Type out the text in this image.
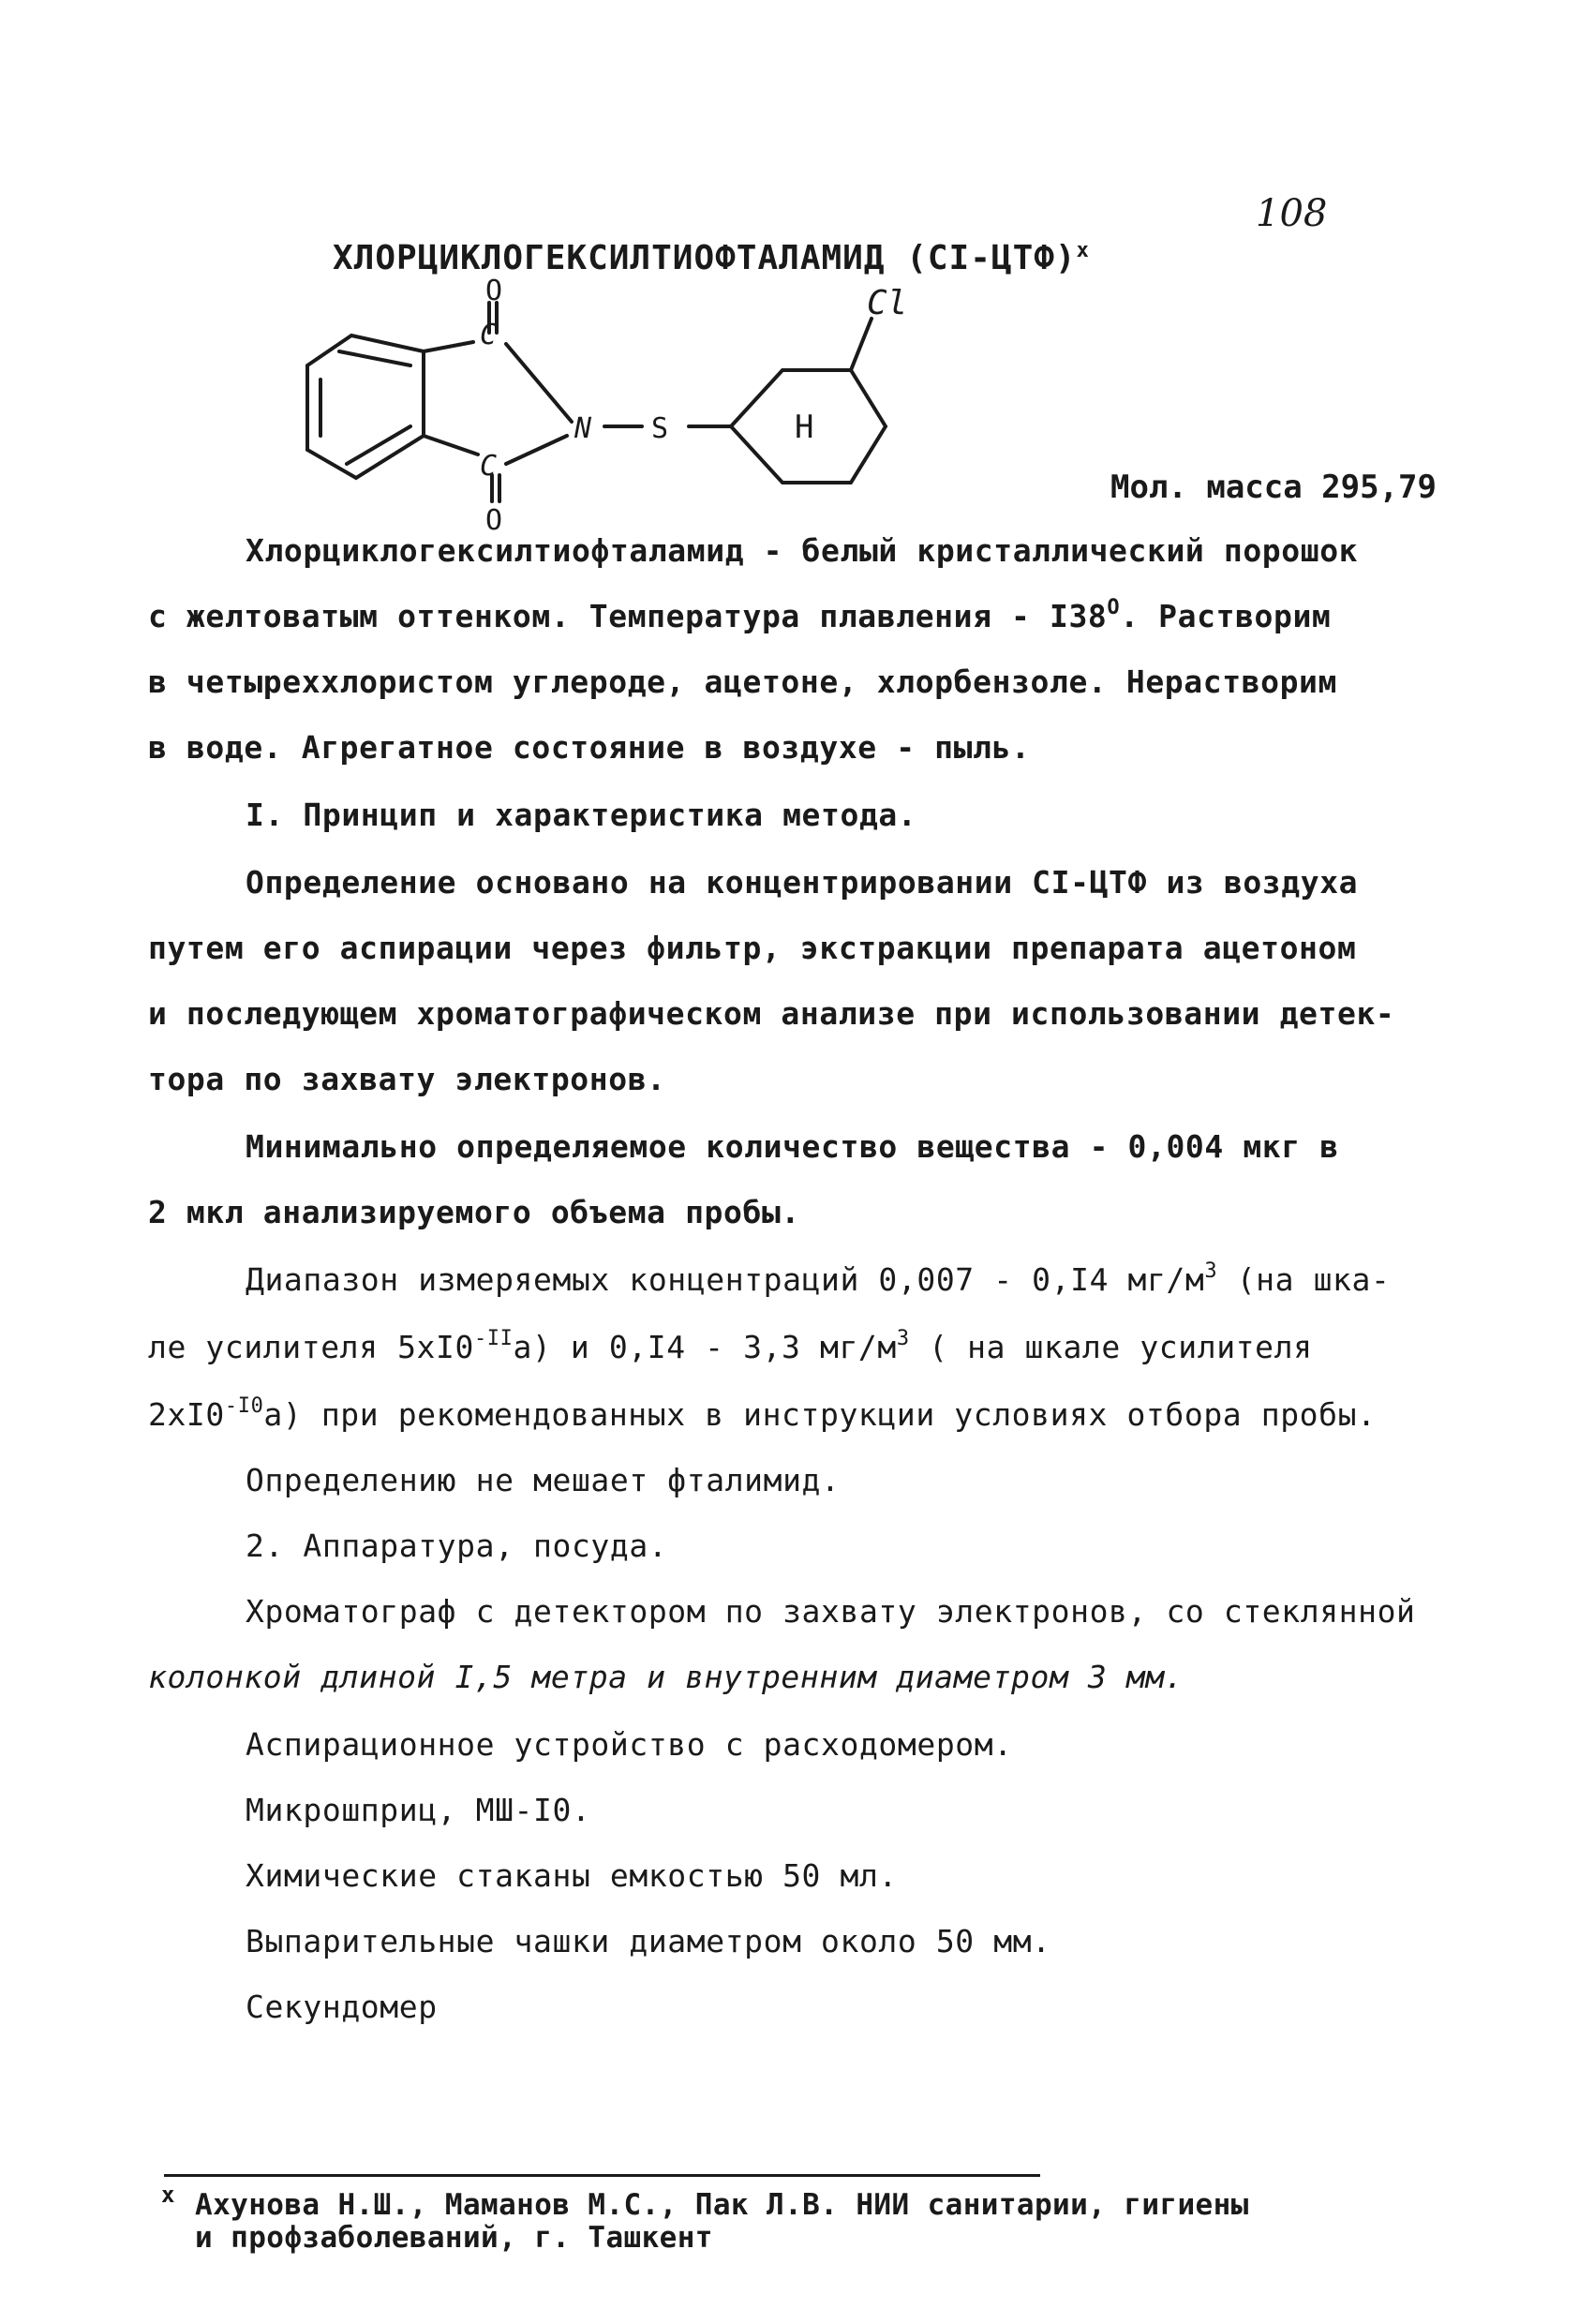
108
ХЛОРЦИКЛОГЕКСИЛТИОФТАЛАМИД $(CI-ЦТФ)^x$
O
C
C
O
N S	H
Cl
Мол. масса 295,79
Хлорциклогексилтиофталамид - белый кристаллический порошок
с желтоватым оттенком. Температура плавления - $I38^O$. Растворим
в четыреххлористом углероде, ацетоне, хлорбензоле. Нерастворим
в воде. Агрегатное состояние в воздухе - пыль.
I. Принцип и характеристика метода.
Определение основано на концентрировании CI-ЦТФ из воздуха
путем его аспирации через фильтр, экстракции препарата ацетоном
и последующем хроматографическом анализе при использовании детек-
тора по захвату электронов.
Минимально определяемое количество вещества - 0,004 мкг в
2 мкл анализируемого объема пробы.
Диапазон измеряемых концентраций 0,007 - 0,I4 $мг/м^3$ (на шка-
ле усилителя $5хI0^{-II}а$) и 0,I4 - 3,3 $мг/м^3$ ( на шкале усилителя
$2хI0^{-I0}а$) при рекомендованных в инструкции условиях отбора пробы.
Определению не мешает фталимид.
2. Аппаратура, посуда.
Хроматограф с детектором по захвату электронов, со стеклянной
колонкой длиной I,5 метра и внутренним диаметром 3 мм.
Аспирационное устройство с расходомером.
Микрошприц, МШ-I0.
Химические стаканы емкостью 50 мл.
Выпарительные чашки диаметром около 50 мм.
Секундомер
x Ахунова Н.Ш., Маманов М.С., Пак Л.В. НИИ санитарии, гигиены
и профзаболеваний, г. Ташкент
